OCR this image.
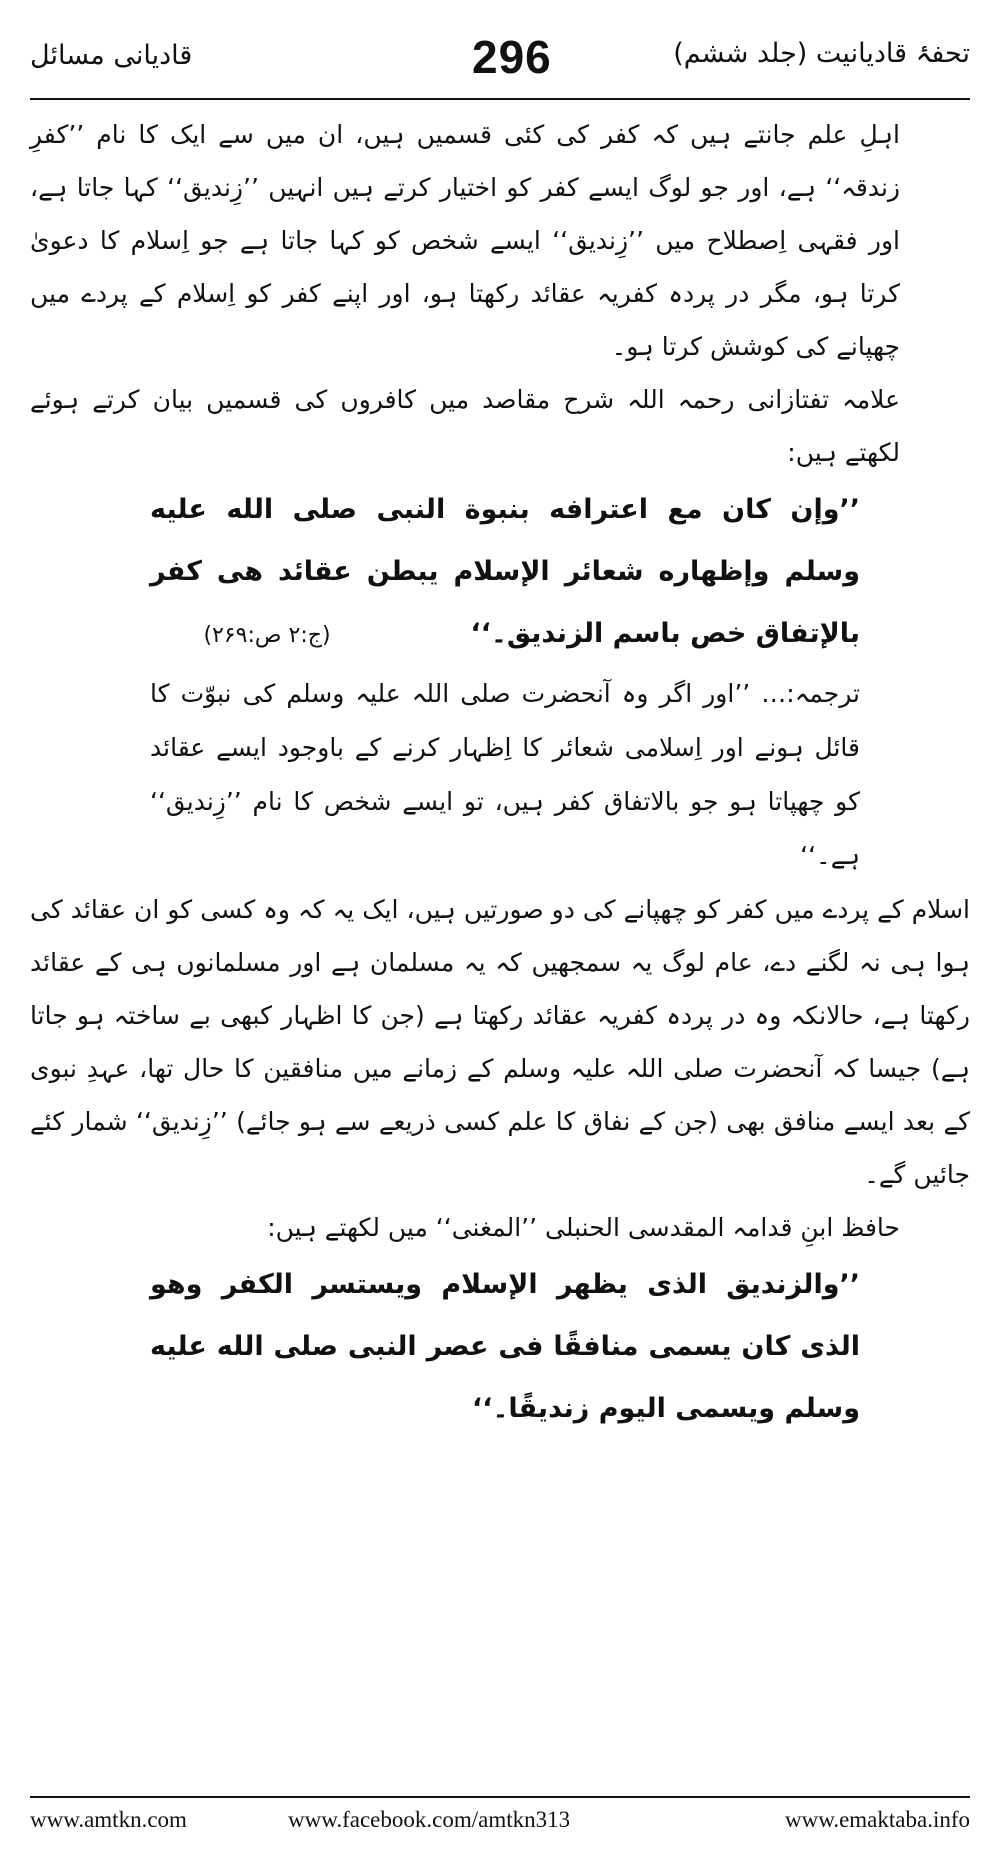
تحفۂ قادیانیت (جلد ششم)
296
قادیانی مسائل

اہلِ علم جانتے ہیں کہ کفر کی کئی قسمیں ہیں، ان میں سے ایک کا نام ’’کفرِ زندقہ‘‘ ہے، اور جو لوگ ایسے کفر کو اختیار کرتے ہیں انہیں ’’زِندیق‘‘ کہا جاتا ہے، اور فقہی اِصطلاح میں ’’زِندیق‘‘ ایسے شخص کو کہا جاتا ہے جو اِسلام کا دعویٰ کرتا ہو، مگر در پردہ کفریہ عقائد رکھتا ہو، اور اپنے کفر کو اِسلام کے پردے میں چھپانے کی کوشش کرتا ہو۔

علامہ تفتازانی رحمہ اللہ شرح مقاصد میں کافروں کی قسمیں بیان کرتے ہوئے لکھتے ہیں:

’’وإن کان مع اعترافه بنبوة النبی صلی الله علیه وسلم وإظهاره شعائر الإسلام یبطن عقائد هی کفر بالإتفاق خص باسم الزندیق۔‘‘(ج:۲ ص:۲۶۹)

ترجمہ:… ’’اور اگر وہ آنحضرت صلی اللہ علیہ وسلم کی نبوّت کا قائل ہونے اور اِسلامی شعائر کا اِظہار کرنے کے باوجود ایسے عقائد کو چھپاتا ہو جو بالاتفاق کفر ہیں، تو ایسے شخص کا نام ’’زِندیق‘‘ ہے۔‘‘

اسلام کے پردے میں کفر کو چھپانے کی دو صورتیں ہیں، ایک یہ کہ وہ کسی کو ان عقائد کی ہوا ہی نہ لگنے دے، عام لوگ یہ سمجھیں کہ یہ مسلمان ہے اور مسلمانوں ہی کے عقائد رکھتا ہے، حالانکہ وہ در پردہ کفریہ عقائد رکھتا ہے (جن کا اظہار کبھی بے ساختہ ہو جاتا ہے) جیسا کہ آنحضرت صلی اللہ علیہ وسلم کے زمانے میں منافقین کا حال تھا، عہدِ نبوی کے بعد ایسے منافق بھی (جن کے نفاق کا علم کسی ذریعے سے ہو جائے) ’’زِندیق‘‘ شمار کئے جائیں گے۔

حافظ ابنِ قدامہ المقدسی الحنبلی ’’المغنی‘‘ میں لکھتے ہیں:

’’والزندیق الذی یظهر الإسلام ویستسر الکفر وهو الذی کان یسمی منافقًا فی عصر النبی صلی الله علیه وسلم ویسمی الیوم زندیقًا۔‘‘

www.amtkn.com	www.facebook.com/amtkn313	www.emaktaba.info
